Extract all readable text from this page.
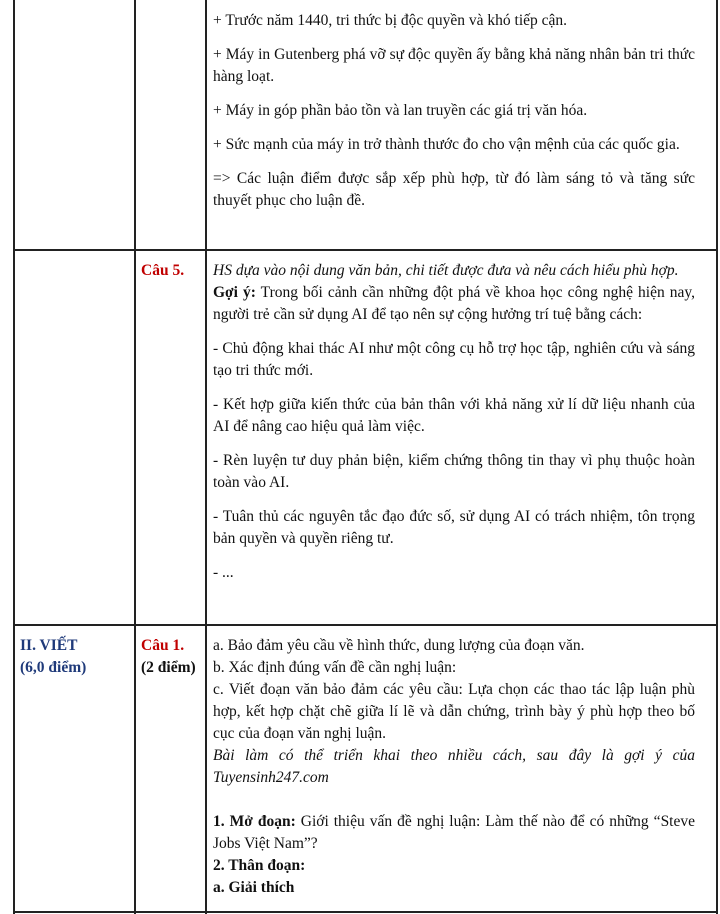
+ Trước năm 1440, tri thức bị độc quyền và khó tiếp cận.

+ Máy in Gutenberg phá vỡ sự độc quyền ấy bằng khả năng nhân bản tri thức hàng loạt.

+ Máy in góp phần bảo tồn và lan truyền các giá trị văn hóa.

+ Sức mạnh của máy in trở thành thước đo cho vận mệnh của các quốc gia.

=> Các luận điểm được sắp xếp phù hợp, từ đó làm sáng tỏ và tăng sức thuyết phục cho luận đề.

Câu 5. HS dựa vào nội dung văn bản, chi tiết được đưa và nêu cách hiểu phù hợp.

Gợi ý: Trong bối cảnh cần những đột phá về khoa học công nghệ hiện nay, người trẻ cần sử dụng AI để tạo nên sự cộng hưởng trí tuệ bằng cách:

- Chủ động khai thác AI như một công cụ hỗ trợ học tập, nghiên cứu và sáng tạo tri thức mới.

- Kết hợp giữa kiến thức của bản thân với khả năng xử lí dữ liệu nhanh của AI để nâng cao hiệu quả làm việc.

- Rèn luyện tư duy phản biện, kiểm chứng thông tin thay vì phụ thuộc hoàn toàn vào AI.

- Tuân thủ các nguyên tắc đạo đức số, sử dụng AI có trách nhiệm, tôn trọng bản quyền và quyền riêng tư.

- ...

II. VIẾT
(6,0 điểm)
Câu 1.
(2 điểm)

a. Bảo đảm yêu cầu về hình thức, dung lượng của đoạn văn.

b. Xác định đúng vấn đề cần nghị luận:

c. Viết đoạn văn bảo đảm các yêu cầu: Lựa chọn các thao tác lập luận phù hợp, kết hợp chặt chẽ giữa lí lẽ và dẫn chứng, trình bày ý phù hợp theo bố cục của đoạn văn nghị luận.

Bài làm có thể triển khai theo nhiều cách, sau đây là gợi ý của Tuyensinh247.com

1. Mở đoạn: Giới thiệu vấn đề nghị luận: Làm thế nào để có những “Steve Jobs Việt Nam”?

2. Thân đoạn:

a. Giải thích
